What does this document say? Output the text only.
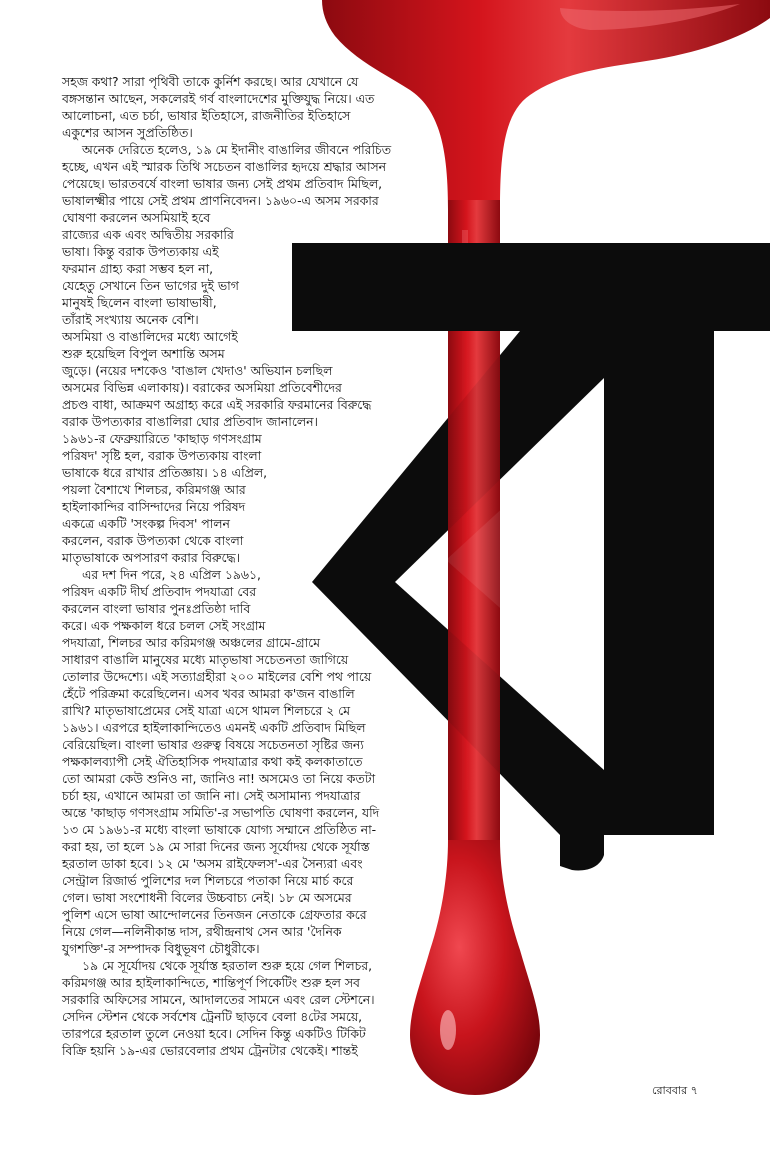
সহজ কথা? সারা পৃথিবী তাকে কুর্নিশ করছে। আর যেখানে যে

বঙ্গসন্তান আছেন, সকলেরই গর্ব বাংলাদেশের মুক্তিযুদ্ধ নিয়ে। এত

আলোচনা, এত চর্চা, ভাষার ইতিহাসে, রাজনীতির ইতিহাসে

একুশের আসন সুপ্রতিষ্ঠিত।

অনেক দেরিতে হলেও, ১৯ মে ইদানীং বাঙালির জীবনে পরিচিত

হচ্ছে, এখন এই স্মারক তিথি সচেতন বাঙালির হৃদয়ে শ্রদ্ধার আসন

পেয়েছে। ভারতবর্ষে বাংলা ভাষার জন্য সেই প্রথম প্রতিবাদ মিছিল,

ভাষালক্ষ্মীর পায়ে সেই প্রথম প্রাণনিবেদন। ১৯৬০-এ অসম সরকার

ঘোষণা করলেন অসমিয়াই হবে

রাজ্যের এক এবং অদ্বিতীয় সরকারি

ভাষা। কিন্তু বরাক উপত্যকায় এই

ফরমান গ্রাহ্য করা সম্ভব হল না,

যেহেতু সেখানে তিন ভাগের দুই ভাগ

মানুষই ছিলেন বাংলা ভাষাভাষী,

তাঁরাই সংখ্যায় অনেক বেশি।

অসমিয়া ও বাঙালিদের মধ্যে আগেই

শুরু হয়েছিল বিপুল অশান্তি অসম

জুড়ে। (নয়ের দশকেও 'বাঙাল খেদাও' অভিযান চলছিল

অসমের বিভিন্ন এলাকায়)। বরাকের অসমিয়া প্রতিবেশীদের

প্রচণ্ড বাধা, আক্রমণ অগ্রাহ্য করে এই সরকারি ফরমানের বিরুদ্ধে

বরাক উপত্যকার বাঙালিরা ঘোর প্রতিবাদ জানালেন।

১৯৬১-র ফেব্রুয়ারিতে 'কাছাড় গণসংগ্রাম

পরিষদ' সৃষ্টি হল, বরাক উপত্যকায় বাংলা

ভাষাকে ধরে রাখার প্রতিজ্ঞায়। ১৪ এপ্রিল,

পয়লা বৈশাখে শিলচর, করিমগঞ্জ আর

হাইলাকান্দির বাসিন্দাদের নিয়ে পরিষদ

একত্রে একটি 'সংকল্প দিবস' পালন

করলেন, বরাক উপত্যকা থেকে বাংলা

মাতৃভাষাকে অপসারণ করার বিরুদ্ধে।

এর দশ দিন পরে, ২৪ এপ্রিল ১৯৬১,

পরিষদ একটি দীর্ঘ প্রতিবাদ পদযাত্রা বের

করলেন বাংলা ভাষার পুনঃপ্রতিষ্ঠা দাবি

করে। এক পক্ষকাল ধরে চলল সেই সংগ্রাম

পদযাত্রা, শিলচর আর করিমগঞ্জ অঞ্চলের গ্রামে-গ্রামে

সাধারণ বাঙালি মানুষের মধ্যে মাতৃভাষা সচেতনতা জাগিয়ে

তোলার উদ্দেশ্যে। এই সত্যাগ্রহীরা ২০০ মাইলের বেশি পথ পায়ে

হেঁটে পরিক্রমা করেছিলেন। এসব খবর আমরা ক'জন বাঙালি

রাখি? মাতৃভাষাপ্রেমের সেই যাত্রা এসে থামল শিলচরে ২ মে

১৯৬১। এরপরে হাইলাকান্দিতেও এমনই একটি প্রতিবাদ মিছিল

বেরিয়েছিল। বাংলা ভাষার গুরুত্ব বিষয়ে সচেতনতা সৃষ্টির জন্য

পক্ষকালব্যাপী সেই ঐতিহাসিক পদযাত্রার কথা কই কলকাতাতে

তো আমরা কেউ শুনিও না, জানিও না! অসমেও তা নিয়ে কতটা

চর্চা হয়, এখানে আমরা তা জানি না। সেই অসামান্য পদযাত্রার

অন্তে 'কাছাড় গণসংগ্রাম সমিতি'-র সভাপতি ঘোষণা করলেন, যদি

১৩ মে ১৯৬১-র মধ্যে বাংলা ভাষাকে যোগ্য সম্মানে প্রতিষ্ঠিত না-

করা হয়, তা হলে ১৯ মে সারা দিনের জন্য সূর্যোদয় থেকে সূর্যাস্ত

হরতাল ডাকা হবে। ১২ মে 'অসম রাইফেলস'-এর সৈন্যরা এবং

সেন্ট্রাল রিজার্ভ পুলিশের দল শিলচরে পতাকা নিয়ে মার্চ করে

গেল। ভাষা সংশোধনী বিলের উচ্চবাচ্য নেই। ১৮ মে অসমের

পুলিশ এসে ভাষা আন্দোলনের তিনজন নেতাকে গ্রেফতার করে

নিয়ে গেল—নলিনীকান্ত দাস, রথীন্দ্রনাথ সেন আর 'দৈনিক

যুগশক্তি'-র সম্পাদক বিধুভূষণ চৌধুরীকে।

১৯ মে সূর্যোদয় থেকে সূর্যাস্ত হরতাল শুরু হয়ে গেল শিলচর,

করিমগঞ্জ আর হাইলাকান্দিতে, শান্তিপূর্ণ পিকেটিং শুরু হল সব

সরকারি অফিসের সামনে, আদালতের সামনে এবং রেল স্টেশনে।

সেদিন স্টেশন থেকে সর্বশেষ ট্রেনটি ছাড়বে বেলা ৪টের সময়ে,

তারপরে হরতাল তুলে নেওয়া হবে। সেদিন কিন্তু একটিও টিকিট

বিক্রি হয়নি ১৯-এর ভোরবেলার প্রথম ট্রেনটার থেকেই। শান্তই

রোববার ৭
